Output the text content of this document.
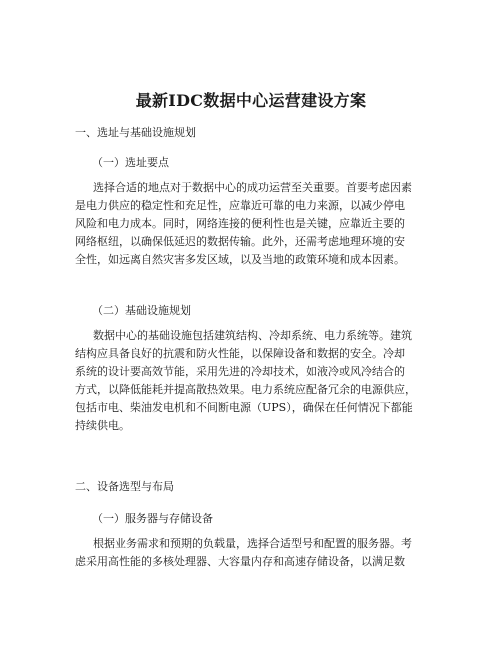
最新IDC数据中心运营建设方案

一、选址与基础设施规划

（一）选址要点

选择合适的地点对于数据中心的成功运营至关重要。首要考虑因素
是电力供应的稳定性和充足性，应靠近可靠的电力来源，以减少停电
风险和电力成本。同时，网络连接的便利性也是关键，应靠近主要的
网络枢纽，以确保低延迟的数据传输。此外，还需考虑地理环境的安
全性，如远离自然灾害多发区域，以及当地的政策环境和成本因素。

（二）基础设施规划

数据中心的基础设施包括建筑结构、冷却系统、电力系统等。建筑
结构应具备良好的抗震和防火性能，以保障设备和数据的安全。冷却
系统的设计要高效节能，采用先进的冷却技术，如液冷或风冷结合的
方式，以降低能耗并提高散热效果。电力系统应配备冗余的电源供应，
包括市电、柴油发电机和不间断电源（UPS），确保在任何情况下都能
持续供电。

二、设备选型与布局

（一）服务器与存储设备

根据业务需求和预期的负载量，选择合适型号和配置的服务器。考
虑采用高性能的多核处理器、大容量内存和高速存储设备，以满足数
